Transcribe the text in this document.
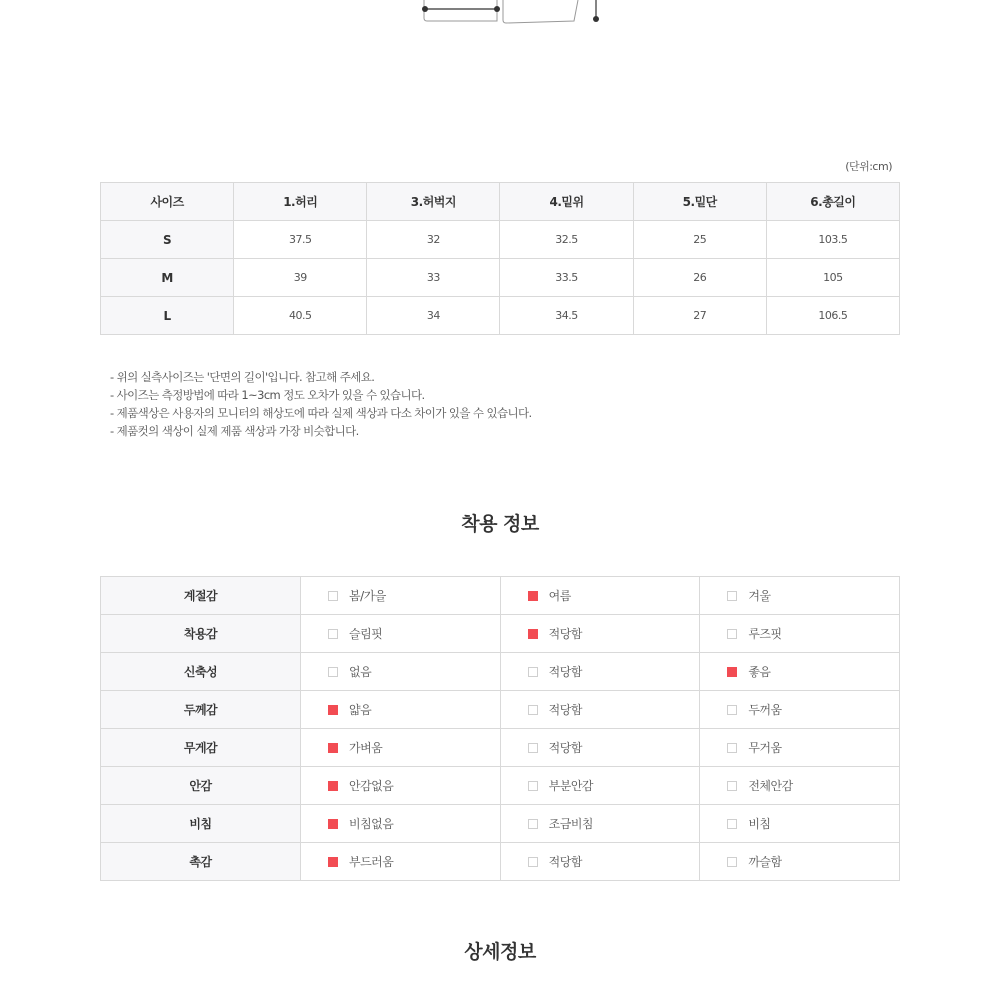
(단위:cm)
사이즈	1.허리	3.허벅지	4.밑위	5.밑단	6.총길이
S	37.5	32	32.5	25	103.5
M	39	33	33.5	26	105
L	40.5	34	34.5	27	106.5
- 위의 실측사이즈는 '단면의 길이'입니다. 참고해 주세요.
- 사이즈는 측정방법에 따라 1~3cm 정도 오차가 있을 수 있습니다.
- 제품색상은 사용자의 모니터의 해상도에 따라 실제 색상과 다소 차이가 있을 수 있습니다.
- 제품컷의 색상이 실제 제품 색상과 가장 비슷합니다.
착용 정보
계절감	봄/가을	여름	겨울

착용감	슬림핏	적당함	루즈핏

신축성	없음	적당함	좋음

두께감	얇음	적당함	두꺼움

무게감	가벼움	적당함	무거움

안감	안감없음	부분안감	전체안감

비침	비침없음	조금비침	비침

촉감	부드러움	적당함	까슬함
상세정보
